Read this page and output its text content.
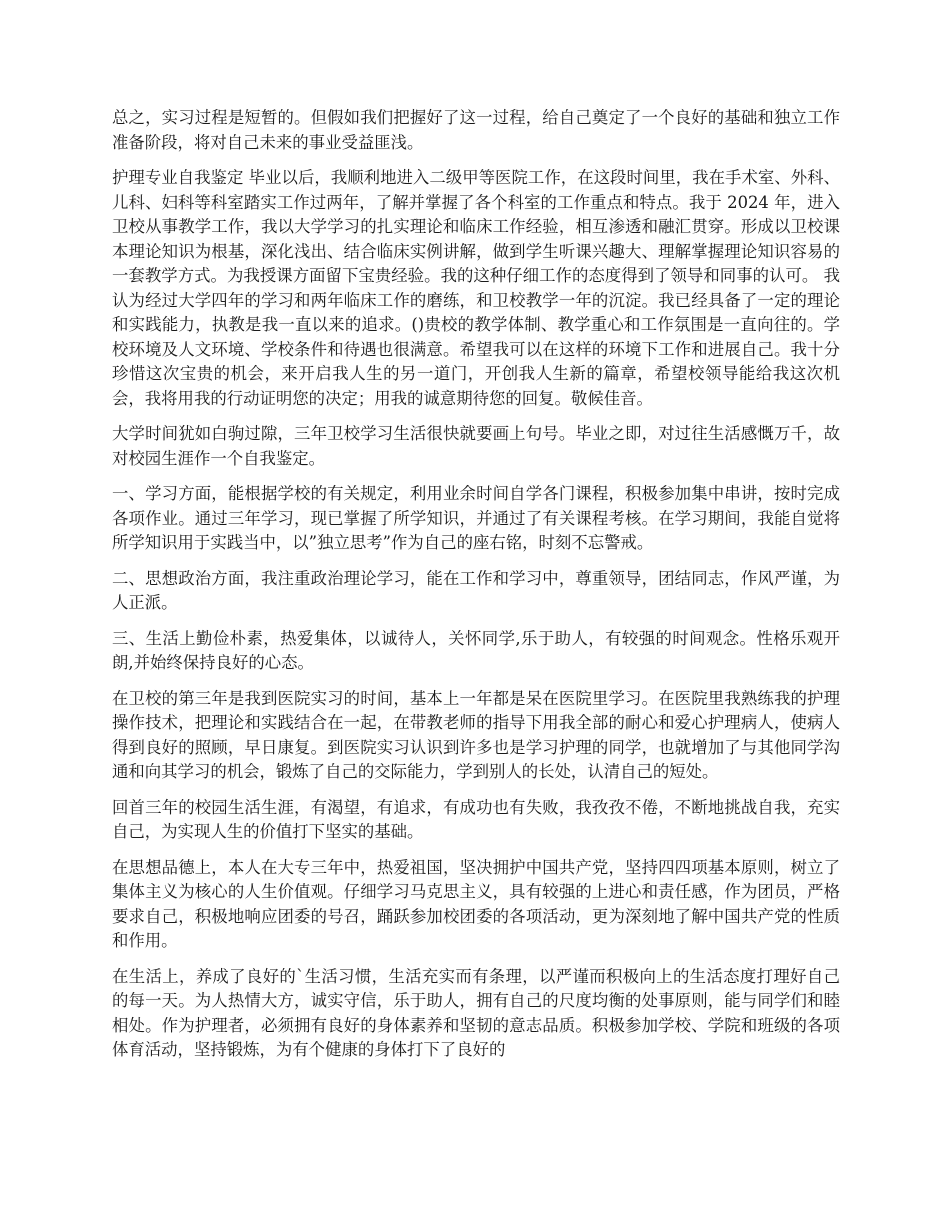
总之，实习过程是短暂的。但假如我们把握好了这一过程，给自己奠定了一个良好的基础和独立工作准备阶段，将对自己未来的事业受益匪浅。

护理专业自我鉴定 毕业以后，我顺利地进入二级甲等医院工作，在这段时间里，我在手术室、外科、儿科、妇科等科室踏实工作过两年，了解并掌握了各个科室的工作重点和特点。我于 2024 年，进入卫校从事教学工作，我以大学学习的扎实理论和临床工作经验，相互渗透和融汇贯穿。形成以卫校课本理论知识为根基，深化浅出、结合临床实例讲解，做到学生听课兴趣大、理解掌握理论知识容易的一套教学方式。为我授课方面留下宝贵经验。我的这种仔细工作的态度得到了领导和同事的认可。 我认为经过大学四年的学习和两年临床工作的磨练，和卫校教学一年的沉淀。我已经具备了一定的理论和实践能力，执教是我一直以来的追求。()贵校的教学体制、教学重心和工作氛围是一直向往的。学校环境及人文环境、学校条件和待遇也很满意。希望我可以在这样的环境下工作和进展自己。我十分珍惜这次宝贵的机会，来开启我人生的另一道门，开创我人生新的篇章，希望校领导能给我这次机会，我将用我的行动证明您的决定；用我的诚意期待您的回复。敬候佳音。

大学时间犹如白驹过隙，三年卫校学习生活很快就要画上句号。毕业之即，对过往生活感慨万千，故对校园生涯作一个自我鉴定。

一、学习方面，能根据学校的有关规定，利用业余时间自学各门课程，积极参加集中串讲，按时完成各项作业。通过三年学习，现已掌握了所学知识，并通过了有关课程考核。在学习期间，我能自觉将所学知识用于实践当中，以”独立思考”作为自己的座右铭，时刻不忘警戒。

二、思想政治方面，我注重政治理论学习，能在工作和学习中，尊重领导，团结同志，作风严谨，为人正派。

三、生活上勤俭朴素，热爱集体，以诚待人，关怀同学,乐于助人，有较强的时间观念。性格乐观开朗,并始终保持良好的心态。

在卫校的第三年是我到医院实习的时间，基本上一年都是呆在医院里学习。在医院里我熟练我的护理操作技术，把理论和实践结合在一起，在带教老师的指导下用我全部的耐心和爱心护理病人，使病人得到良好的照顾，早日康复。到医院实习认识到许多也是学习护理的同学，也就增加了与其他同学沟通和向其学习的机会，锻炼了自己的交际能力，学到别人的长处，认清自己的短处。

回首三年的校园生活生涯，有渴望，有追求，有成功也有失败，我孜孜不倦，不断地挑战自我，充实自己，为实现人生的价值打下坚实的基础。

在思想品德上，本人在大专三年中，热爱祖国，坚决拥护中国共产党，坚持四四项基本原则，树立了集体主义为核心的人生价值观。仔细学习马克思主义，具有较强的上进心和责任感，作为团员，严格要求自己，积极地响应团委的号召，踊跃参加校团委的各项活动，更为深刻地了解中国共产党的性质和作用。

在生活上，养成了良好的`生活习惯，生活充实而有条理，以严谨而积极向上的生活态度打理好自己的每一天。为人热情大方，诚实守信，乐于助人，拥有自己的尺度均衡的处事原则，能与同学们和睦相处。作为护理者，必须拥有良好的身体素养和坚韧的意志品质。积极参加学校、学院和班级的各项体育活动，坚持锻炼，为有个健康的身体打下了良好的
